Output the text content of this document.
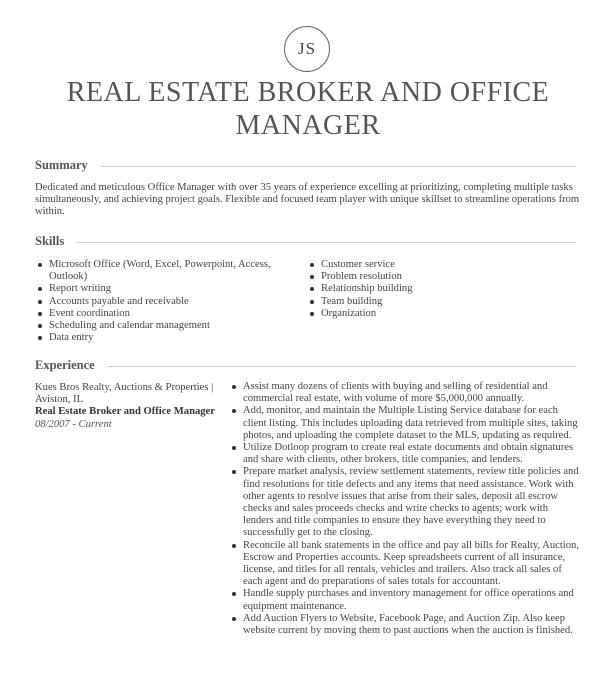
JS
REAL ESTATE BROKER AND OFFICE MANAGER
Summary
Dedicated and meticulous Office Manager with over 35 years of experience excelling at prioritizing, completing multiple tasks simultaneously, and achieving project goals. Flexible and focused team player with unique skillset to streamline operations from within.
Skills
Microsoft Office (Word, Excel, Powerpoint, Access, Outlook)
Report writing
Accounts payable and receivable
Event coordination
Scheduling and calendar management
Data entry
Customer service
Problem resolution
Relationship building
Team building
Organization
Experience
Kues Bros Realty, Auctions & Properties | Aviston, IL
Real Estate Broker and Office Manager
08/2007 - Current
Assist many dozens of clients with buying and selling of residential and commercial real estate, with volume of more $5,000,000 annually.
Add, monitor, and maintain the Multiple Listing Service database for each client listing. This includes uploading data retrieved from multiple sites, taking photos, and uploading the complete dataset to the MLS, updating as required.
Utilize Dotloop program to create real estate documents and obtain signatures and share with clients, other brokers, title companies, and lenders.
Prepare market analysis, review settlement statements, review title policies and find resolutions for title defects and any items that need assistance. Work with other agents to resolve issues that arise from their sales, deposit all escrow checks and sales proceeds checks and write checks to agents; work with lenders and title companies to ensure they have everything they need to successfully get to the closing.
Reconcile all bank statements in the office and pay all bills for Realty, Auction, Escrow and Properties accounts. Keep spreadsheets current of all insurance, license, and titles for all rentals, vehicles and trailers. Also track all sales of each agent and do preparations of sales totals for accountant.
Handle supply purchases and inventory management for office operations and equipment maintenance.
Add Auction Flyers to Website, Facebook Page, and Auction Zip. Also keep website current by moving them to past auctions when the auction is finished.
